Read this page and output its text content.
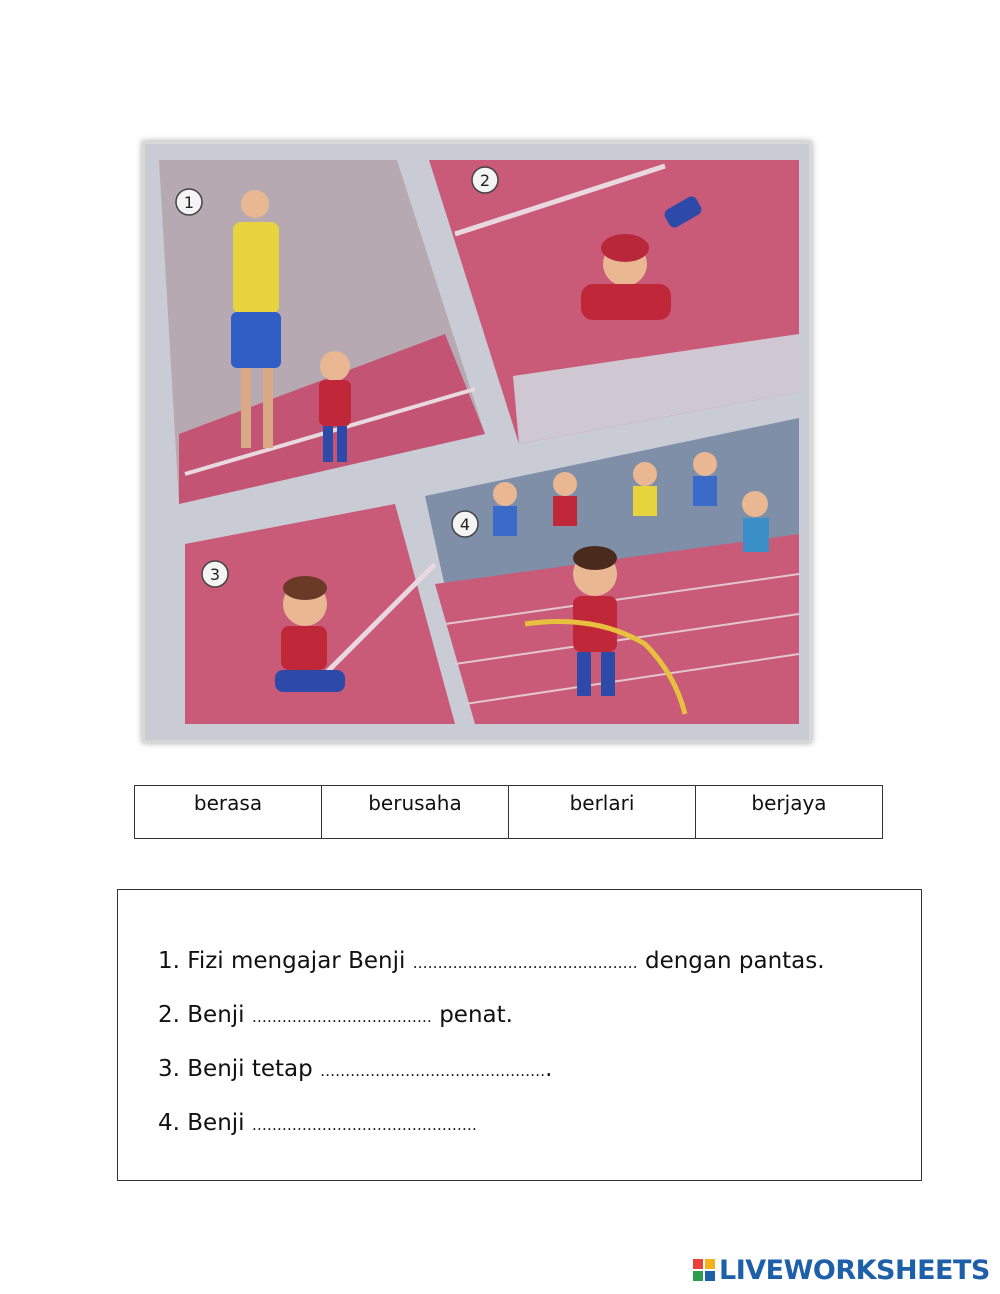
1
2
3
4
berasa	berusaha	berlari	berjaya
1. Fizi mengajar Benji ……………………………………… dengan pantas.
2. Benji ……………………………… penat.
3. Benji tetap ……………………………………….
4. Benji ………………………………………
LIVEWORKSHEETS
